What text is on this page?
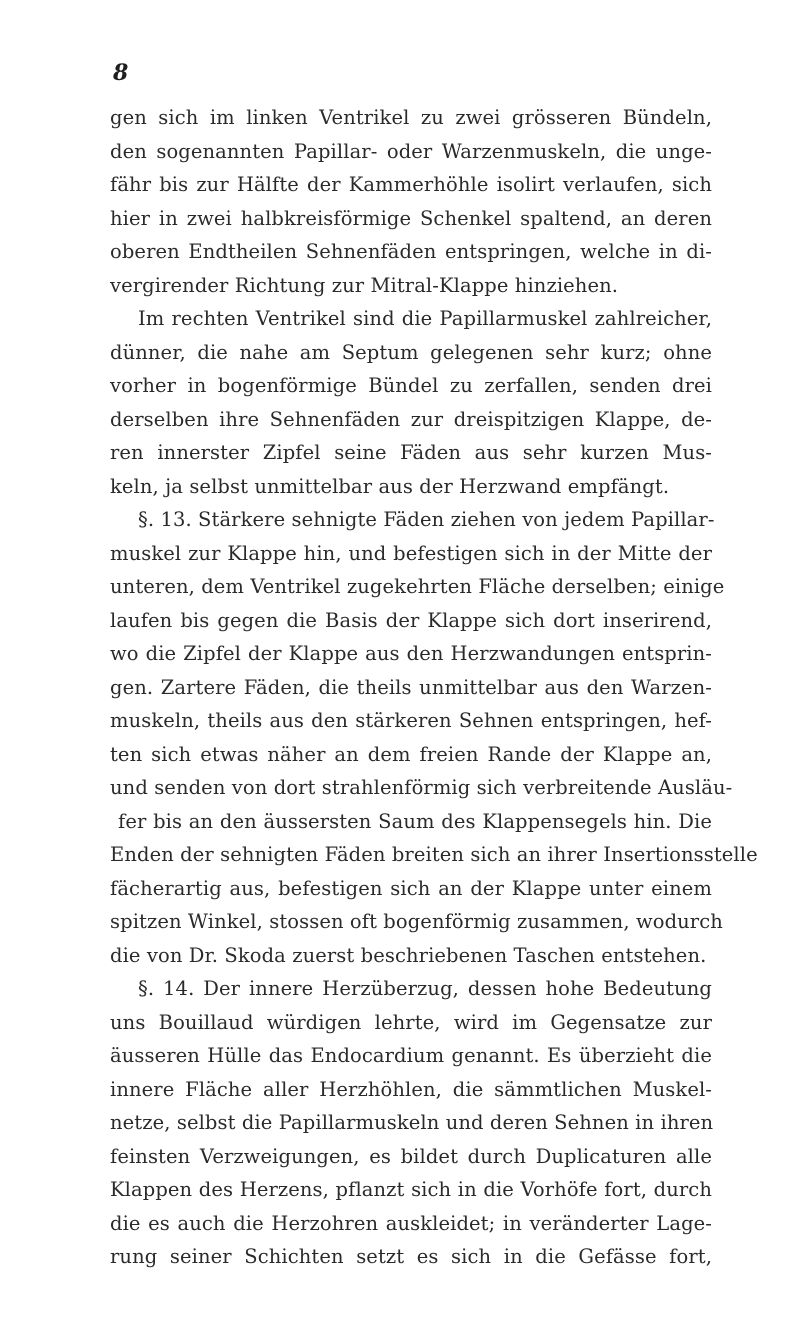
8
gen sich im linken Ventrikel zu zwei grösseren Bündeln,
den sogenannten Papillar- oder Warzenmuskeln, die unge-
fähr bis zur Hälfte der Kammerhöhle isolirt verlaufen, sich
hier in zwei halbkreisförmige Schenkel spaltend, an deren
oberen Endtheilen Sehnenfäden entspringen, welche in di-
vergirender Richtung zur Mitral-Klappe hinziehen.
Im rechten Ventrikel sind die Papillarmuskel zahlreicher,
dünner, die nahe am Septum gelegenen sehr kurz; ohne
vorher in bogenförmige Bündel zu zerfallen, senden drei
derselben ihre Sehnenfäden zur dreispitzigen Klappe, de-
ren innerster Zipfel seine Fäden aus sehr kurzen Mus-
keln, ja selbst unmittelbar aus der Herzwand empfängt.
§. 13. Stärkere sehnigte Fäden ziehen von jedem Papillar-
muskel zur Klappe hin, und befestigen sich in der Mitte der
unteren, dem Ventrikel zugekehrten Fläche derselben; einige
laufen bis gegen die Basis der Klappe sich dort inserirend,
wo die Zipfel der Klappe aus den Herzwandungen entsprin-
gen. Zartere Fäden, die theils unmittelbar aus den Warzen-
muskeln, theils aus den stärkeren Sehnen entspringen, hef-
ten sich etwas näher an dem freien Rande der Klappe an,
und senden von dort strahlenförmig sich verbreitende Ausläu-
fer bis an den äussersten Saum des Klappensegels hin. Die
Enden der sehnigten Fäden breiten sich an ihrer Insertionsstelle
fächerartig aus, befestigen sich an der Klappe unter einem
spitzen Winkel, stossen oft bogenförmig zusammen, wodurch
die von Dr. Skoda zuerst beschriebenen Taschen entstehen.
§. 14. Der innere Herzüberzug, dessen hohe Bedeutung
uns Bouillaud würdigen lehrte, wird im Gegensatze zur
äusseren Hülle das Endocardium genannt. Es überzieht die
innere Fläche aller Herzhöhlen, die sämmtlichen Muskel-
netze, selbst die Papillarmuskeln und deren Sehnen in ihren
feinsten Verzweigungen, es bildet durch Duplicaturen alle
Klappen des Herzens, pflanzt sich in die Vorhöfe fort, durch
die es auch die Herzohren auskleidet; in veränderter Lage-
rung seiner Schichten setzt es sich in die Gefässe fort,
